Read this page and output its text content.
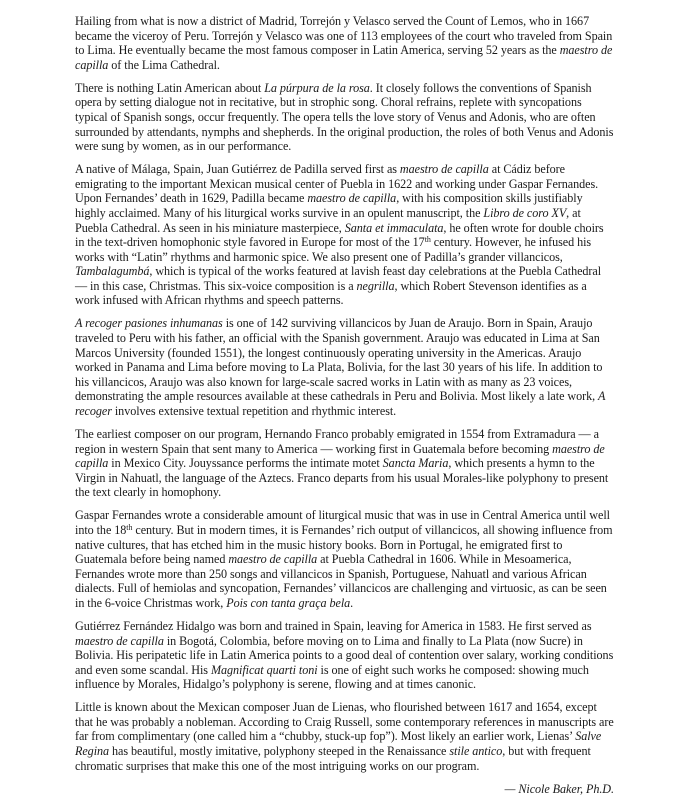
Hailing from what is now a district of Madrid, Torrejón y Velasco served the Count of Lemos, who in 1667 became the viceroy of Peru. Torrejón y Velasco was one of 113 employees of the court who traveled from Spain to Lima. He eventually became the most famous composer in Latin America, serving 52 years as the maestro de capilla of the Lima Cathedral.

There is nothing Latin American about La púrpura de la rosa. It closely follows the conventions of Spanish opera by setting dialogue not in recitative, but in strophic song. Choral refrains, replete with syncopations typical of Spanish songs, occur frequently. The opera tells the love story of Venus and Adonis, who are often surrounded by attendants, nymphs and shepherds. In the original production, the roles of both Venus and Adonis were sung by women, as in our performance.

A native of Málaga, Spain, Juan Gutiérrez de Padilla served first as maestro de capilla at Cádiz before emigrating to the important Mexican musical center of Puebla in 1622 and working under Gaspar Fernandes. Upon Fernandes’ death in 1629, Padilla became maestro de capilla, with his composition skills justifiably highly acclaimed. Many of his liturgical works survive in an opulent manuscript, the Libro de coro XV, at Puebla Cathedral. As seen in his miniature masterpiece, Santa et immaculata, he often wrote for double choirs in the text-driven homophonic style favored in Europe for most of the 17th century. However, he infused his works with “Latin” rhythms and harmonic spice. We also present one of Padilla’s grander villancicos, Tambalagumbá, which is typical of the works featured at lavish feast day celebrations at the Puebla Cathedral — in this case, Christmas. This six-voice composition is a negrilla, which Robert Stevenson identifies as a work infused with African rhythms and speech patterns.

A recoger pasiones inhumanas is one of 142 surviving villancicos by Juan de Araujo. Born in Spain, Araujo traveled to Peru with his father, an official with the Spanish government. Araujo was educated in Lima at San Marcos University (founded 1551), the longest continuously operating university in the Americas. Araujo worked in Panama and Lima before moving to La Plata, Bolivia, for the last 30 years of his life. In addition to his villancicos, Araujo was also known for large-scale sacred works in Latin with as many as 23 voices, demonstrating the ample resources available at these cathedrals in Peru and Bolivia. Most likely a late work, A recoger involves extensive textual repetition and rhythmic interest.

The earliest composer on our program, Hernando Franco probably emigrated in 1554 from Extramadura — a region in western Spain that sent many to America — working first in Guatemala before becoming maestro de capilla in Mexico City. Jouyssance performs the intimate motet Sancta Maria, which presents a hymn to the Virgin in Nahuatl, the language of the Aztecs. Franco departs from his usual Morales-like polyphony to present the text clearly in homophony.

Gaspar Fernandes wrote a considerable amount of liturgical music that was in use in Central America until well into the 18th century. But in modern times, it is Fernandes’ rich output of villancicos, all showing influence from native cultures, that has etched him in the music history books. Born in Portugal, he emigrated first to Guatemala before being named maestro de capilla at Puebla Cathedral in 1606. While in Mesoamerica, Fernandes wrote more than 250 songs and villancicos in Spanish, Portuguese, Nahuatl and various African dialects. Full of hemiolas and syncopation, Fernandes’ villancicos are challenging and virtuosic, as can be seen in the 6-voice Christmas work, Pois con tanta graça bela.

Gutiérrez Fernández Hidalgo was born and trained in Spain, leaving for America in 1583. He first served as maestro de capilla in Bogotá, Colombia, before moving on to Lima and finally to La Plata (now Sucre) in Bolivia. His peripatetic life in Latin America points to a good deal of contention over salary, working conditions and even some scandal. His Magnificat quarti toni is one of eight such works he composed: showing much influence by Morales, Hidalgo’s polyphony is serene, flowing and at times canonic.

Little is known about the Mexican composer Juan de Lienas, who flourished between 1617 and 1654, except that he was probably a nobleman. According to Craig Russell, some contemporary references in manuscripts are far from complimentary (one called him a “chubby, stuck-up fop”). Most likely an earlier work, Lienas’ Salve Regina has beautiful, mostly imitative, polyphony steeped in the Renaissance stile antico, but with frequent chromatic surprises that make this one of the most intriguing works on our program.

— Nicole Baker, Ph.D.
